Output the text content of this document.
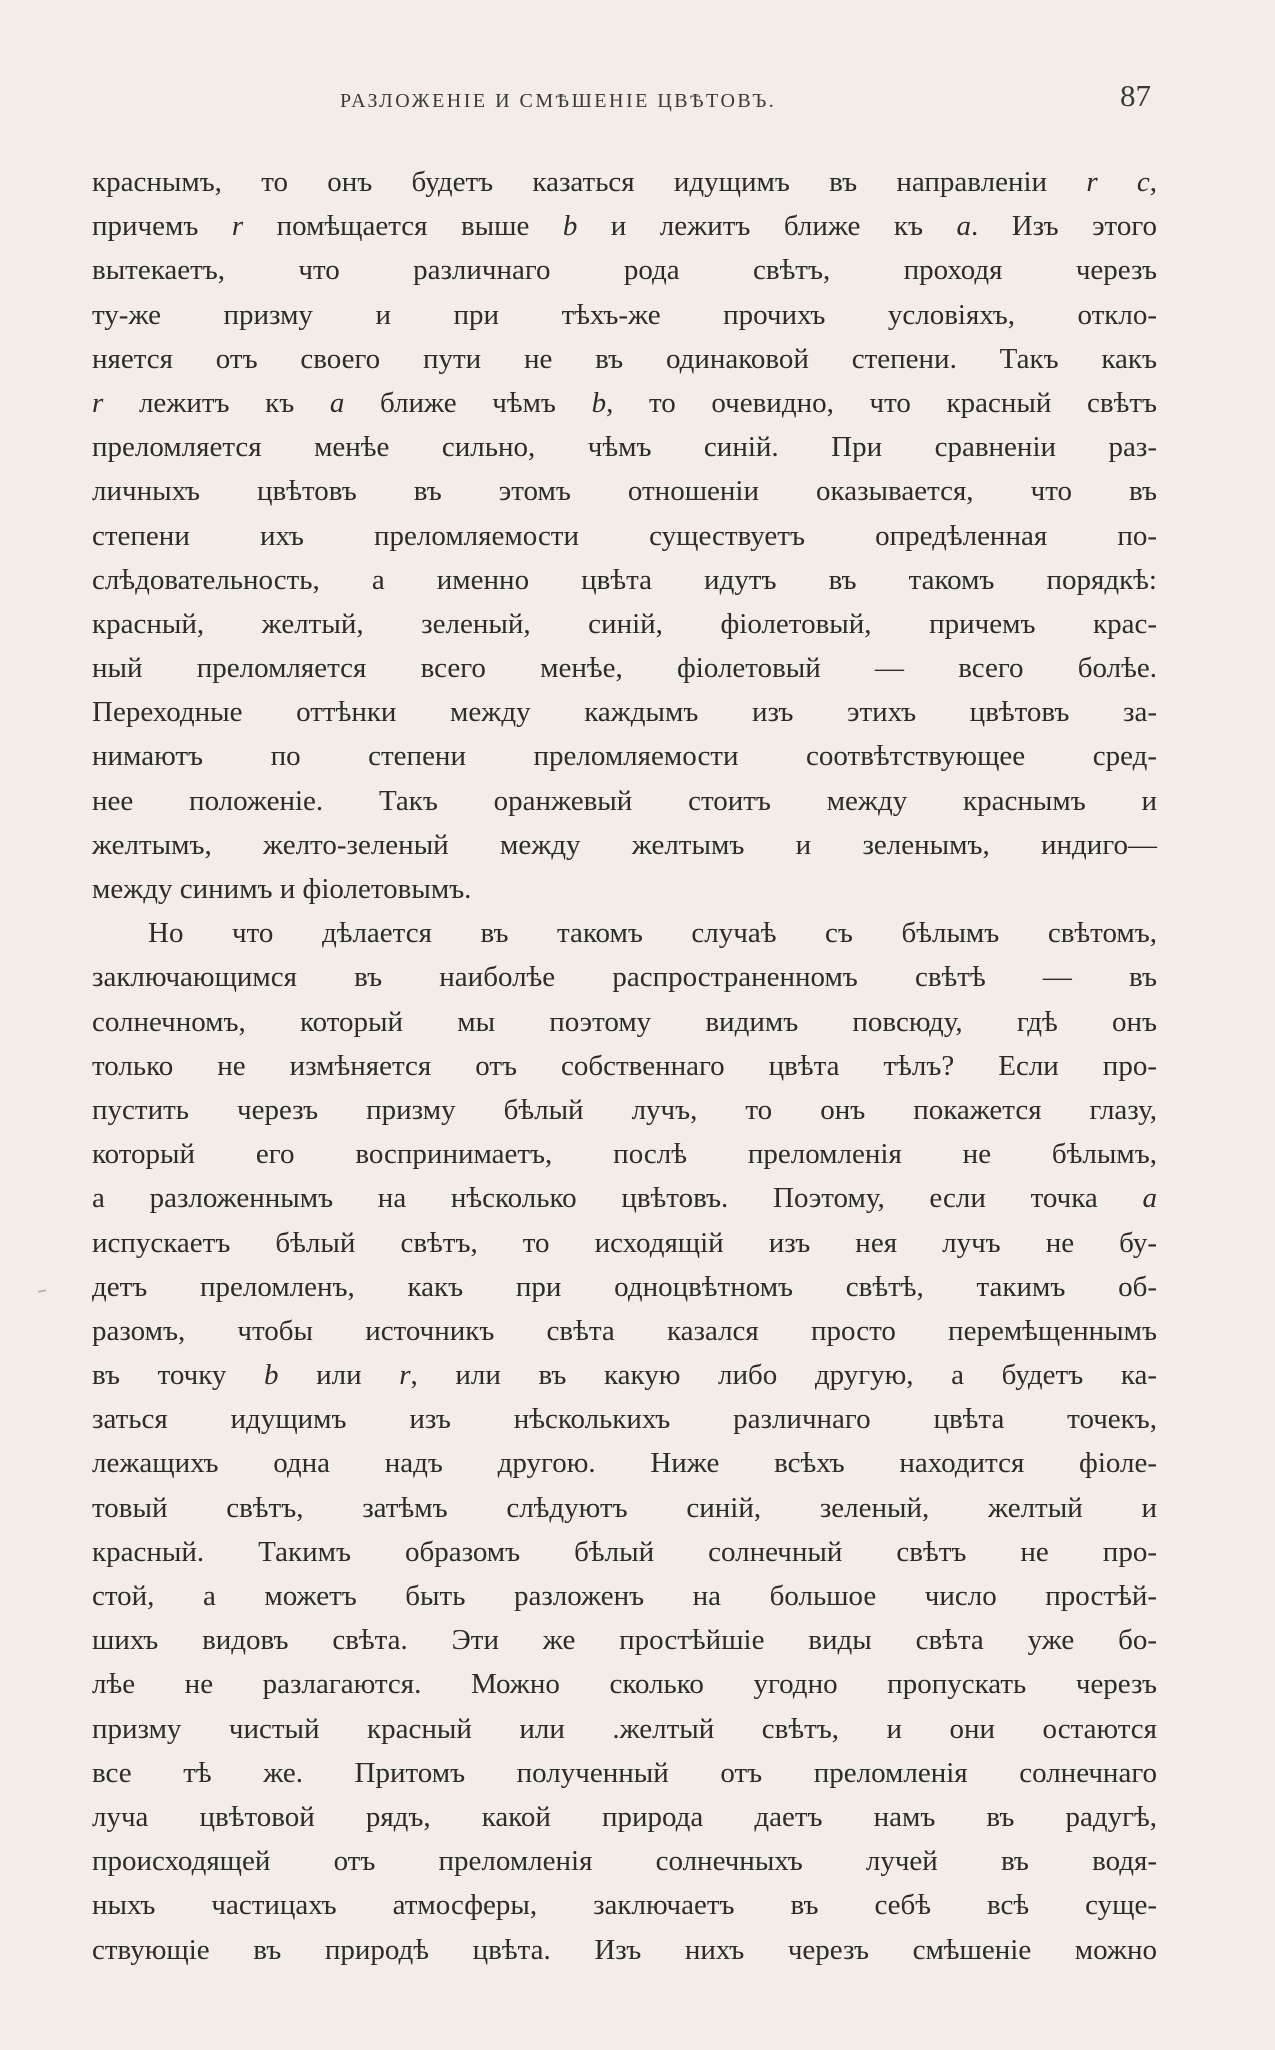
РАЗЛОЖЕНІЕ И СМѢШЕНІЕ ЦВѢТОВЪ.	87
краснымъ, то онъ будетъ казаться идущимъ въ направленіи r c,
причемъ r помѣщается выше b и лежитъ ближе къ a. Изъ этого
вытекаетъ, что различнаго рода свѣтъ, проходя черезъ
ту-же призму и при тѣхъ-же прочихъ условіяхъ, откло-
няется отъ своего пути не въ одинаковой степени. Такъ какъ
r лежитъ къ a ближе чѣмъ b, то очевидно, что красный свѣтъ
преломляется менѣе сильно, чѣмъ синій. При сравненіи раз-
личныхъ цвѣтовъ въ этомъ отношеніи оказывается, что въ
степени ихъ преломляемости существуетъ опредѣленная по-
слѣдовательность, а именно цвѣта идутъ въ такомъ порядкѣ:
красный, желтый, зеленый, синій, фіолетовый, причемъ крас-
ный преломляется всего менѣе, фіолетовый — всего болѣе.
Переходные оттѣнки между каждымъ изъ этихъ цвѣтовъ за-
нимаютъ по степени преломляемости соотвѣтствующее сред-
нее положеніе. Такъ оранжевый стоитъ между краснымъ и
желтымъ, желто-зеленый между желтымъ и зеленымъ, индиго—
между синимъ и фіолетовымъ.
Но что дѣлается въ такомъ случаѣ съ бѣлымъ свѣтомъ,
заключающимся въ наиболѣе распространенномъ свѣтѣ — въ
солнечномъ, который мы поэтому видимъ повсюду, гдѣ онъ
только не измѣняется отъ собственнаго цвѣта тѣлъ? Если про-
пустить черезъ призму бѣлый лучъ, то онъ покажется глазу,
который его воспринимаетъ, послѣ преломленія не бѣлымъ,
а разложеннымъ на нѣсколько цвѣтовъ. Поэтому, если точка a
испускаетъ бѣлый свѣтъ, то исходящій изъ нея лучъ не бу-
детъ преломленъ, какъ при одноцвѣтномъ свѣтѣ, такимъ об-
разомъ, чтобы источникъ свѣта казался просто перемѣщеннымъ
въ точку b или r, или въ какую либо другую, а будетъ ка-
заться идущимъ изъ нѣсколькихъ различнаго цвѣта точекъ,
лежащихъ одна надъ другою. Ниже всѣхъ находится фіоле-
товый свѣтъ, затѣмъ слѣдуютъ синій, зеленый, желтый и
красный. Такимъ образомъ бѣлый солнечный свѣтъ не про-
стой, а можетъ быть разложенъ на большое число простѣй-
шихъ видовъ свѣта. Эти же простѣйшіе виды свѣта уже бо-
лѣе не разлагаются. Можно сколько угодно пропускать черезъ
призму чистый красный или .желтый свѣтъ, и они остаются
все тѣ же. Притомъ полученный отъ преломленія солнечнаго
луча цвѣтовой рядъ, какой природа даетъ намъ въ радугѣ,
происходящей отъ преломленія солнечныхъ лучей въ водя-
ныхъ частицахъ атмосферы, заключаетъ въ себѣ всѣ суще-
ствующіе въ природѣ цвѣта. Изъ нихъ черезъ смѣшеніе можно
